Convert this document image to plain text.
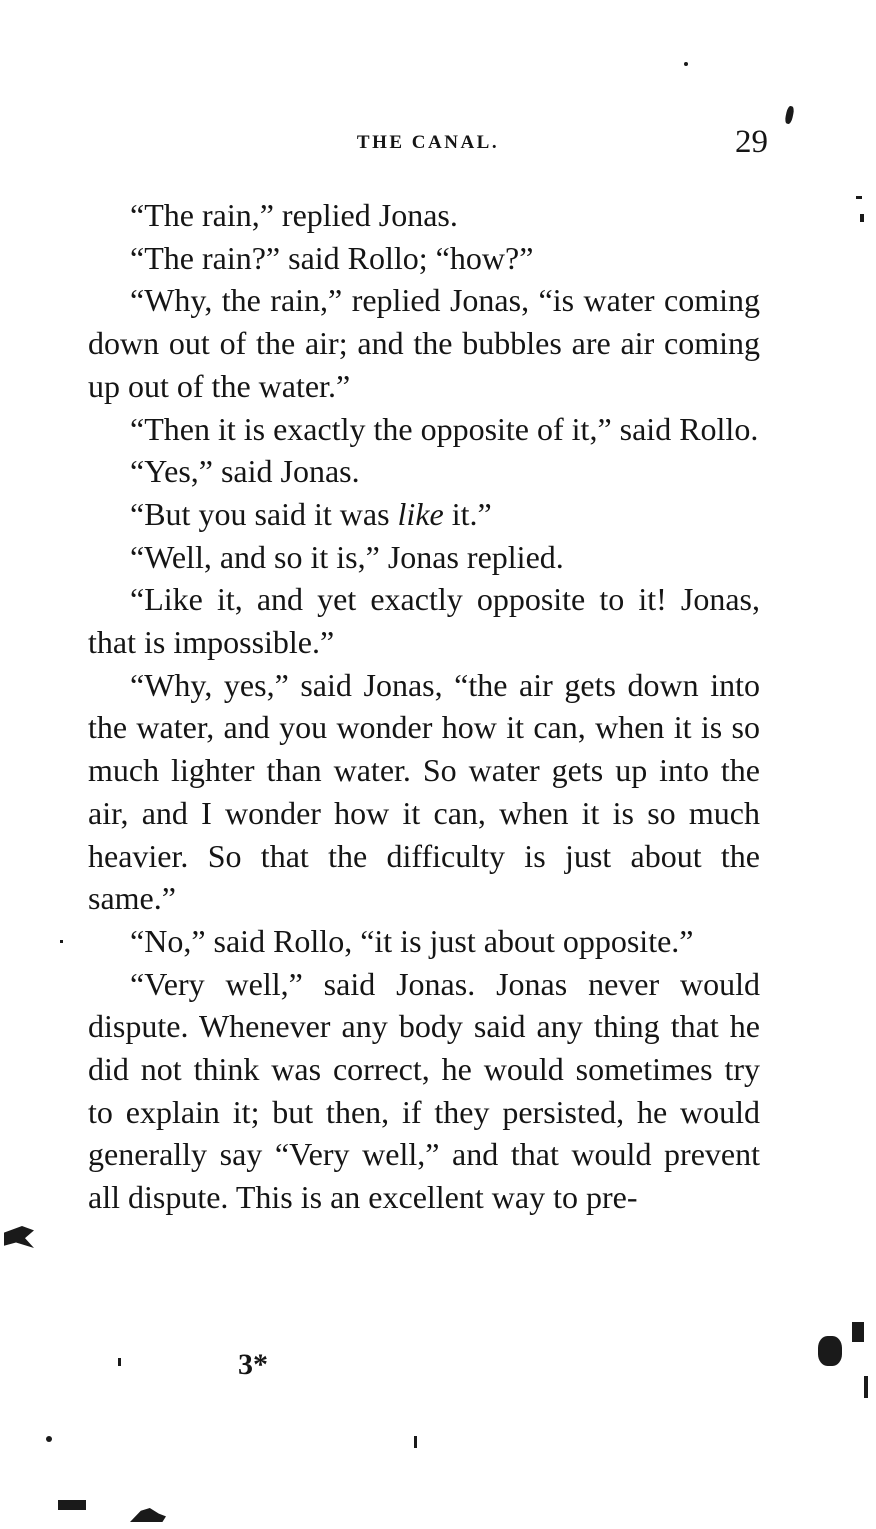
THE CANAL.	29

“The rain,” replied Jonas.

“The rain?” said Rollo; “how?”

“Why, the rain,” replied Jonas, “is water coming down out of the air; and the bubbles are air coming up out of the water.”

“Then it is exactly the opposite of it,” said Rollo.

“Yes,” said Jonas.

“But you said it was like it.”

“Well, and so it is,” Jonas replied.

“Like it, and yet exactly opposite to it! Jonas, that is impossible.”

“Why, yes,” said Jonas, “the air gets down into the water, and you wonder how it can, when it is so much lighter than water. So water gets up into the air, and I wonder how it can, when it is so much heavier. So that the difficulty is just about the same.”

“No,” said Rollo, “it is just about opposite.”

“Very well,” said Jonas. Jonas never would dispute. Whenever any body said any thing that he did not think was correct, he would sometimes try to explain it; but then, if they persisted, he would generally say “Very well,” and that would prevent all dispute. This is an excellent way to pre-

3*
